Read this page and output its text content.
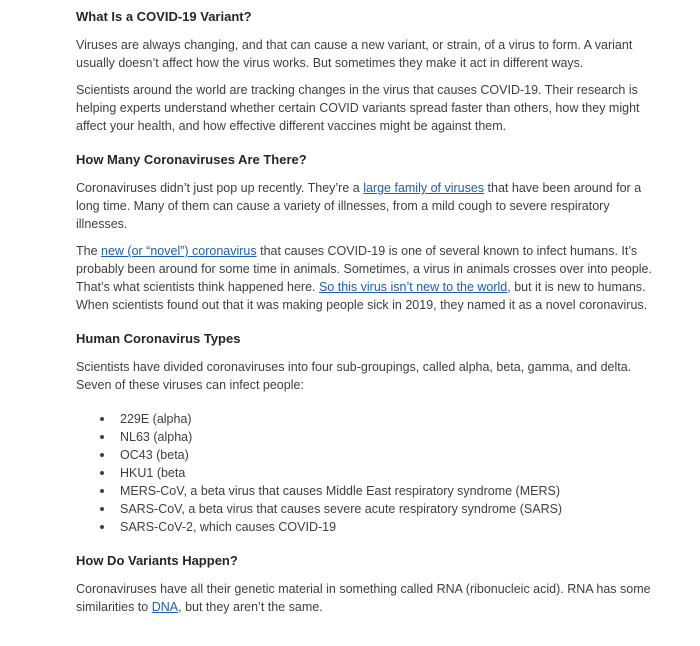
What Is a COVID-19 Variant?

Viruses are always changing, and that can cause a new variant, or strain, of a virus to form. A variant usually doesn’t affect how the virus works. But sometimes they make it act in different ways.

Scientists around the world are tracking changes in the virus that causes COVID-19. Their research is helping experts understand whether certain COVID variants spread faster than others, how they might affect your health, and how effective different vaccines might be against them.

How Many Coronaviruses Are There?

Coronaviruses didn’t just pop up recently. They’re a large family of viruses that have been around for a long time. Many of them can cause a variety of illnesses, from a mild cough to severe respiratory illnesses.

The new (or “novel”) coronavirus that causes COVID-19 is one of several known to infect humans. It’s probably been around for some time in animals. Sometimes, a virus in animals crosses over into people. That’s what scientists think happened here. So this virus isn’t new to the world, but it is new to humans. When scientists found out that it was making people sick in 2019, they named it as a novel coronavirus.

Human Coronavirus Types

Scientists have divided coronaviruses into four sub-groupings, called alpha, beta, gamma, and delta. Seven of these viruses can infect people:

229E (alpha)
NL63 (alpha)
OC43 (beta)
HKU1 (beta
MERS-CoV, a beta virus that causes Middle East respiratory syndrome (MERS)
SARS-CoV, a beta virus that causes severe acute respiratory syndrome (SARS)
SARS-CoV-2, which causes COVID-19
How Do Variants Happen?

Coronaviruses have all their genetic material in something called RNA (ribonucleic acid). RNA has some similarities to DNA, but they aren’t the same.
